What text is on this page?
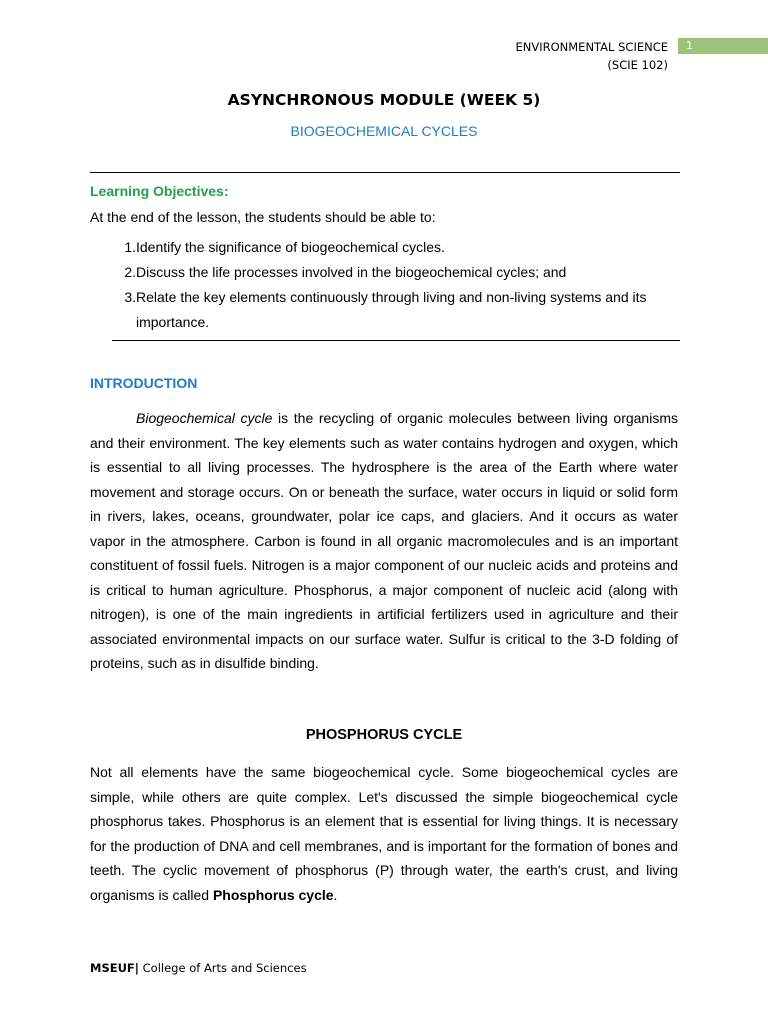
ENVIRONMENTAL SCIENCE
(SCIE 102)
1
ASYNCHRONOUS MODULE (WEEK 5)
BIOGEOCHEMICAL CYCLES
Learning Objectives:
At the end of the lesson, the students should be able to:
1. Identify the significance of biogeochemical cycles.
2. Discuss the life processes involved in the biogeochemical cycles; and
3. Relate the key elements continuously through living and non-living systems and its importance.
INTRODUCTION

Biogeochemical cycle is the recycling of organic molecules between living organisms and their environment. The key elements such as water contains hydrogen and oxygen, which is essential to all living processes. The hydrosphere is the area of the Earth where water movement and storage occurs. On or beneath the surface, water occurs in liquid or solid form in rivers, lakes, oceans, groundwater, polar ice caps, and glaciers. And it occurs as water vapor in the atmosphere. Carbon is found in all organic macromolecules and is an important constituent of fossil fuels. Nitrogen is a major component of our nucleic acids and proteins and is critical to human agriculture. Phosphorus, a major component of nucleic acid (along with nitrogen), is one of the main ingredients in artificial fertilizers used in agriculture and their associated environmental impacts on our surface water. Sulfur is critical to the 3-D folding of proteins, such as in disulfide binding.

PHOSPHORUS CYCLE

Not all elements have the same biogeochemical cycle. Some biogeochemical cycles are simple, while others are quite complex. Let's discussed the simple biogeochemical cycle phosphorus takes. Phosphorus is an element that is essential for living things. It is necessary for the production of DNA and cell membranes, and is important for the formation of bones and teeth. The cyclic movement of phosphorus (P) through water, the earth's crust, and living organisms is called Phosphorus cycle.

MSEUF| College of Arts and Sciences
